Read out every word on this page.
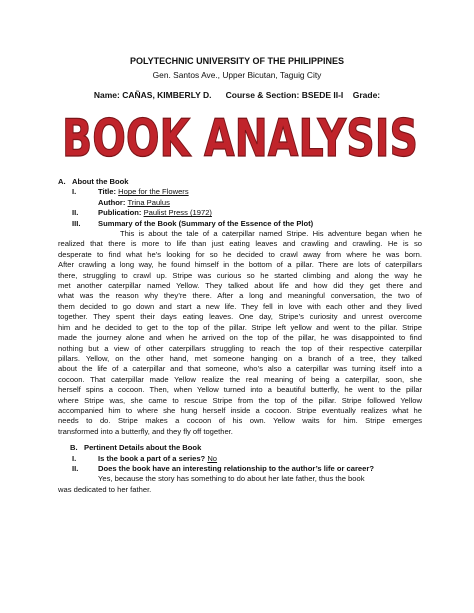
POLYTECHNIC UNIVERSITY OF THE PHILIPPINES
Gen. Santos Ave., Upper Bicutan, Taguig City
Name: CAÑAS, KIMBERLY D. Course & Section: BSEDE II-I Grade:
BOOK ANALYSIS
A. About the Book
I.	Title:
Hope for the Flowers
Author:
Trina Paulus
II.	Publication:
Paulist Press (1972)
III.	Summary of the Book (Summary of the Essence of the Plot)
This is about the tale of a caterpillar named Stripe. His adventure began when he
realized that there is more to life than just eating leaves and crawling and crawling. He is so
desperate to find what he’s looking for so he decided to crawl away from where he was born.
After crawling a long way, he found himself in the bottom of a pillar. There are lots of caterpillars
there, struggling to crawl up. Stripe was curious so he started climbing and along the way he
met another caterpillar named Yellow. They talked about life and how did they get there and
what was the reason why they’re there. After a long and meaningful conversation, the two of
them decided to go down and start a new life. They fell in love with each other and they lived
together. They spent their days eating leaves. One day, Stripe’s curiosity and unrest overcome
him and he decided to get to the top of the pillar. Stripe left yellow and went to the pillar. Stripe
made the journey alone and when he arrived on the top of the pillar, he was disappointed to find
nothing but a view of other caterpillars struggling to reach the top of their respective caterpillar
pillars. Yellow, on the other hand, met someone hanging on a branch of a tree, they talked
about the life of a caterpillar and that someone, who’s also a caterpillar was turning itself into a
cocoon. That caterpillar made Yellow realize the real meaning of being a caterpillar, soon, she
herself spins a cocoon. Then, when Yellow turned into a beautiful butterfly, he went to the pillar
where Stripe was, she came to rescue Stripe from the top of the pillar. Stripe followed Yellow
accompanied him to where she hung herself inside a cocoon. Stripe eventually realizes what he
needs to do. Stripe makes a cocoon of his own. Yellow waits for him. Stripe emerges
transformed into a butterfly, and they fly off together.
B. Pertinent Details about the Book
I.	Is the book a part of a series?
No
II.	Does the book have an interesting relationship to the author’s life or career?
Yes, because the story has something to do about her late father, thus the book
was dedicated to her father.
